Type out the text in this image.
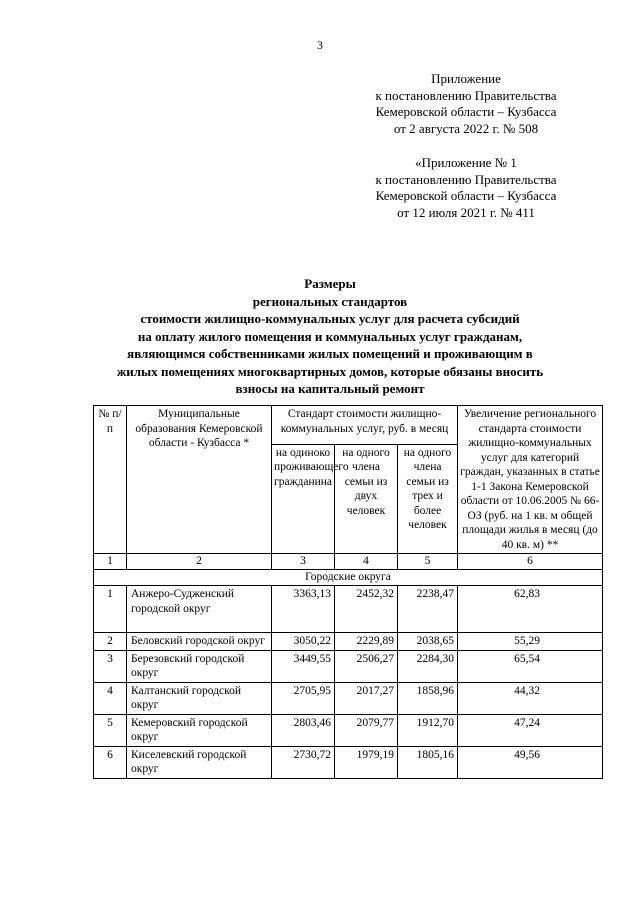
3
Приложение
к постановлению Правительства
Кемеровской области – Кузбасса
от 2 августа 2022 г. № 508
«Приложение № 1
к постановлению Правительства
Кемеровской области – Кузбасса
от 12 июля 2021 г. № 411
Размеры
региональных стандартов
стоимости жилищно-коммунальных услуг для расчета субсидий
на оплату жилого помещения и коммунальных услуг гражданам,
являющимся собственниками жилых помещений и проживающим в
жилых помещениях многоквартирных домов, которые обязаны вносить
взносы на капитальный ремонт
№ п/п	Муниципальные образования Кемеровской области - Кузбасса *	Стандарт стоимости жилищно-коммунальных услуг, руб. в месяц			Увеличение регионального стандарта стоимости жилищно-коммунальных услуг для категорий граждан, указанных в статье 1-1 Закона Кемеровской области от 10.06.2005 № 66-ОЗ (руб. на 1 кв. м общей площади жилья в месяц (до 40 кв. м) **
		на одиноко проживающего гражданина	на одного члена семьи из двух человек	на одного члена семьи из трех и более человек	
1	2	3	4	5	6
Городские округа					
1	Анжеро-Судженский городской округ	3363,13	2452,32	2238,47	62,83
2	Беловский городской округ	3050,22	2229,89	2038,65	55,29
3	Березовский городской округ	3449,55	2506,27	2284,30	65,54
4	Калтанский городской округ	2705,95	2017,27	1858,96	44,32
5	Кемеровский городской округ	2803,46	2079,77	1912,70	47,24
6	Киселевский городской округ	2730,72	1979,19	1805,16	49,56
